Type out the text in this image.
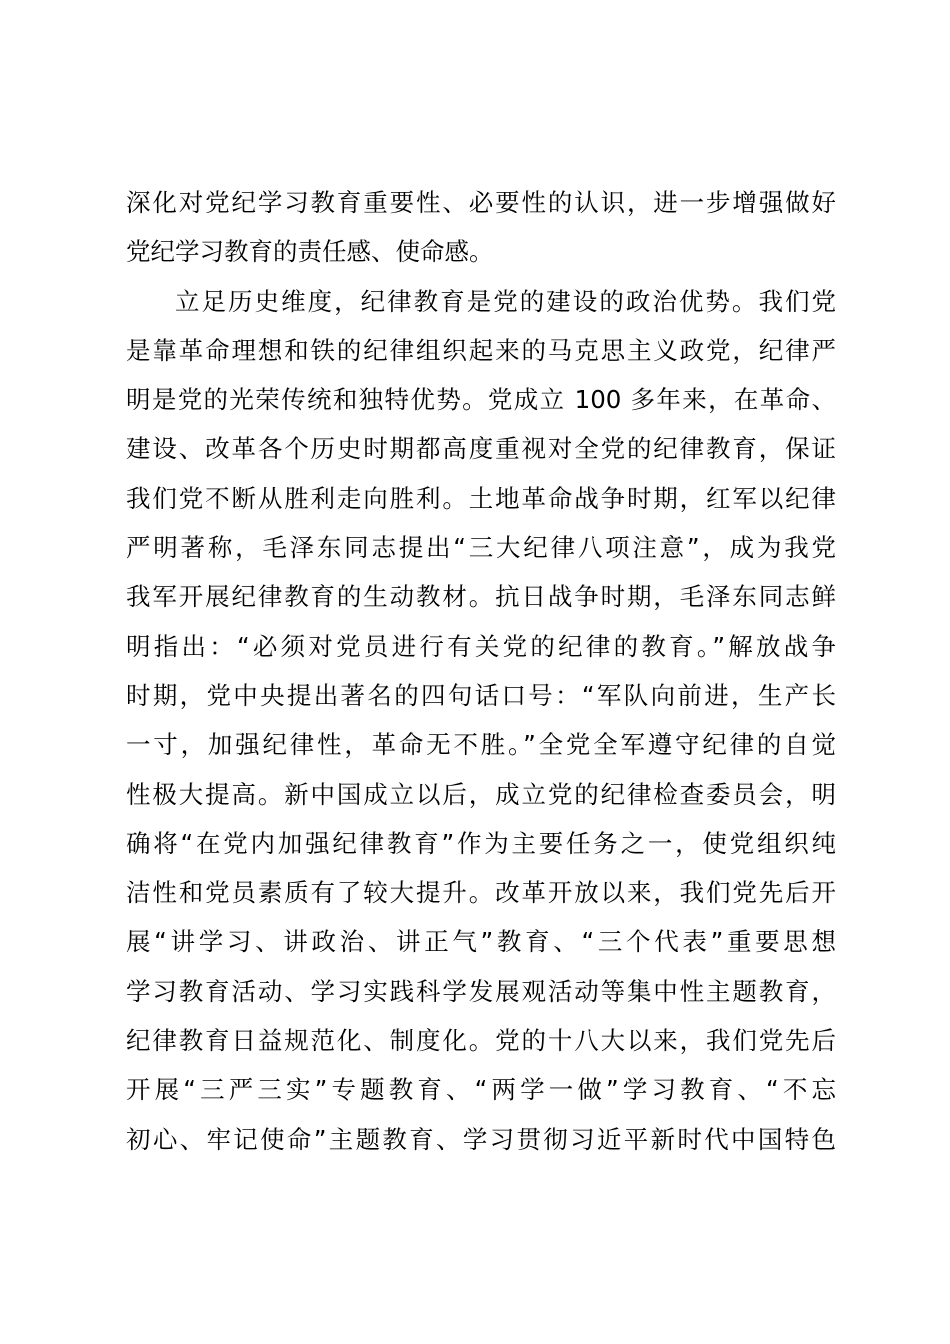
深化对党纪学习教育重要性、必要性的认识，进一步增强做好
党纪学习教育的责任感、使命感。
立足历史维度，纪律教育是党的建设的政治优势。我们党
是靠革命理想和铁的纪律组织起来的马克思主义政党，纪律严
明是党的光荣传统和独特优势。党成立 100 多年来，在革命、
建设、改革各个历史时期都高度重视对全党的纪律教育，保证
我们党不断从胜利走向胜利。土地革命战争时期，红军以纪律
严明著称，毛泽东同志提出“三大纪律八项注意”，成为我党
我军开展纪律教育的生动教材。抗日战争时期，毛泽东同志鲜
明指出：“必须对党员进行有关党的纪律的教育。”解放战争
时期，党中央提出著名的四句话口号：“军队向前进，生产长
一寸，加强纪律性，革命无不胜。”全党全军遵守纪律的自觉
性极大提高。新中国成立以后，成立党的纪律检查委员会，明
确将“在党内加强纪律教育”作为主要任务之一，使党组织纯
洁性和党员素质有了较大提升。改革开放以来，我们党先后开
展“讲学习、讲政治、讲正气”教育、“三个代表”重要思想
学习教育活动、学习实践科学发展观活动等集中性主题教育，
纪律教育日益规范化、制度化。党的十八大以来，我们党先后
开展“三严三实”专题教育、“两学一做”学习教育、“不忘
初心、牢记使命”主题教育、学习贯彻习近平新时代中国特色
